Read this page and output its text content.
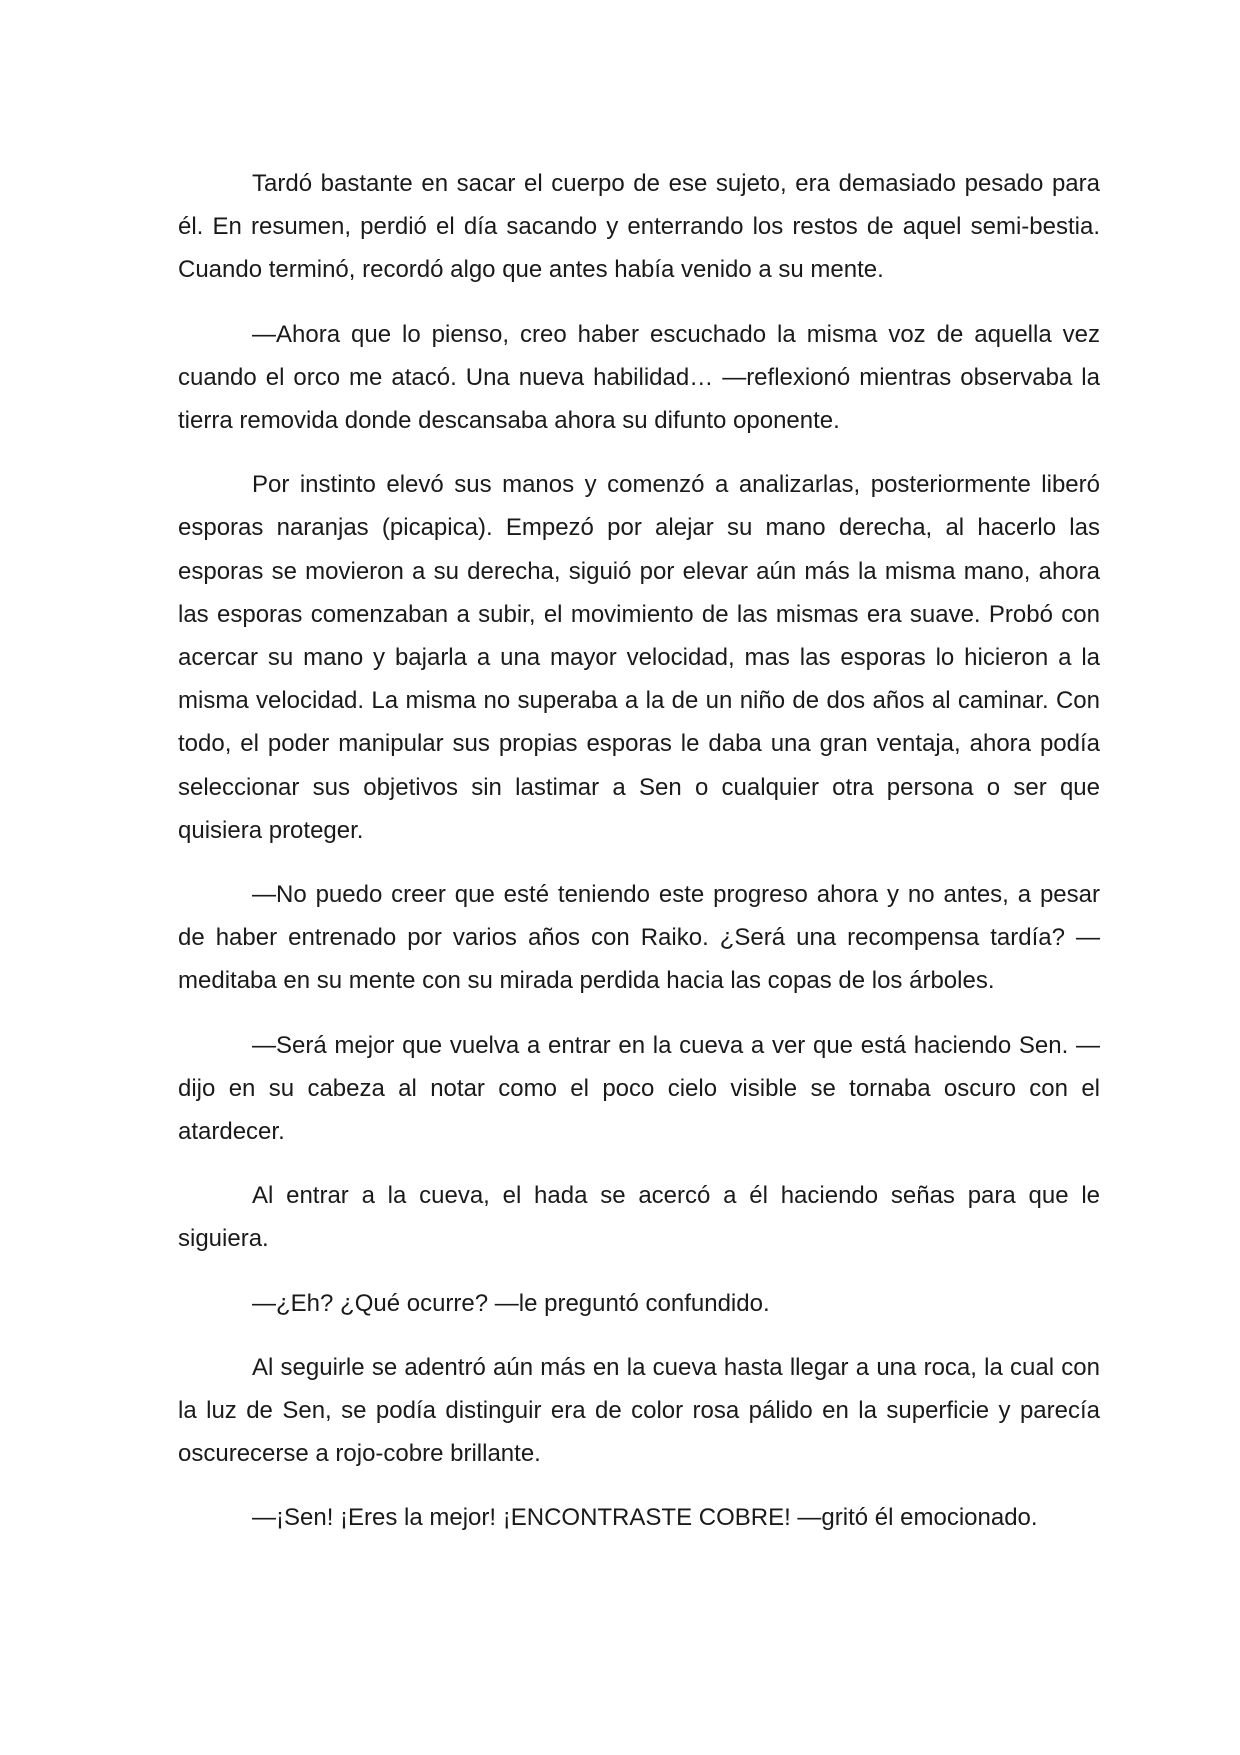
Tardó bastante en sacar el cuerpo de ese sujeto, era demasiado pesado para él. En resumen, perdió el día sacando y enterrando los restos de aquel semi-bestia. Cuando terminó, recordó algo que antes había venido a su mente.

—Ahora que lo pienso, creo haber escuchado la misma voz de aquella vez cuando el orco me atacó. Una nueva habilidad… —reflexionó mientras observaba la tierra removida donde descansaba ahora su difunto oponente.

Por instinto elevó sus manos y comenzó a analizarlas, posteriormente liberó esporas naranjas (picapica). Empezó por alejar su mano derecha, al hacerlo las esporas se movieron a su derecha, siguió por elevar aún más la misma mano, ahora las esporas comenzaban a subir, el movimiento de las mismas era suave. Probó con acercar su mano y bajarla a una mayor velocidad, mas las esporas lo hicieron a la misma velocidad. La misma no superaba a la de un niño de dos años al caminar. Con todo, el poder manipular sus propias esporas le daba una gran ventaja, ahora podía seleccionar sus objetivos sin lastimar a Sen o cualquier otra persona o ser que quisiera proteger.

—No puedo creer que esté teniendo este progreso ahora y no antes, a pesar de haber entrenado por varios años con Raiko. ¿Será una recompensa tardía? —meditaba en su mente con su mirada perdida hacia las copas de los árboles.

—Será mejor que vuelva a entrar en la cueva a ver que está haciendo Sen. —dijo en su cabeza al notar como el poco cielo visible se tornaba oscuro con el atardecer.

Al entrar a la cueva, el hada se acercó a él haciendo señas para que le siguiera.

—¿Eh? ¿Qué ocurre? —le preguntó confundido.

Al seguirle se adentró aún más en la cueva hasta llegar a una roca, la cual con la luz de Sen, se podía distinguir era de color rosa pálido en la superficie y parecía oscurecerse a rojo-cobre brillante.

—¡Sen! ¡Eres la mejor! ¡ENCONTRASTE COBRE! —gritó él emocionado.
